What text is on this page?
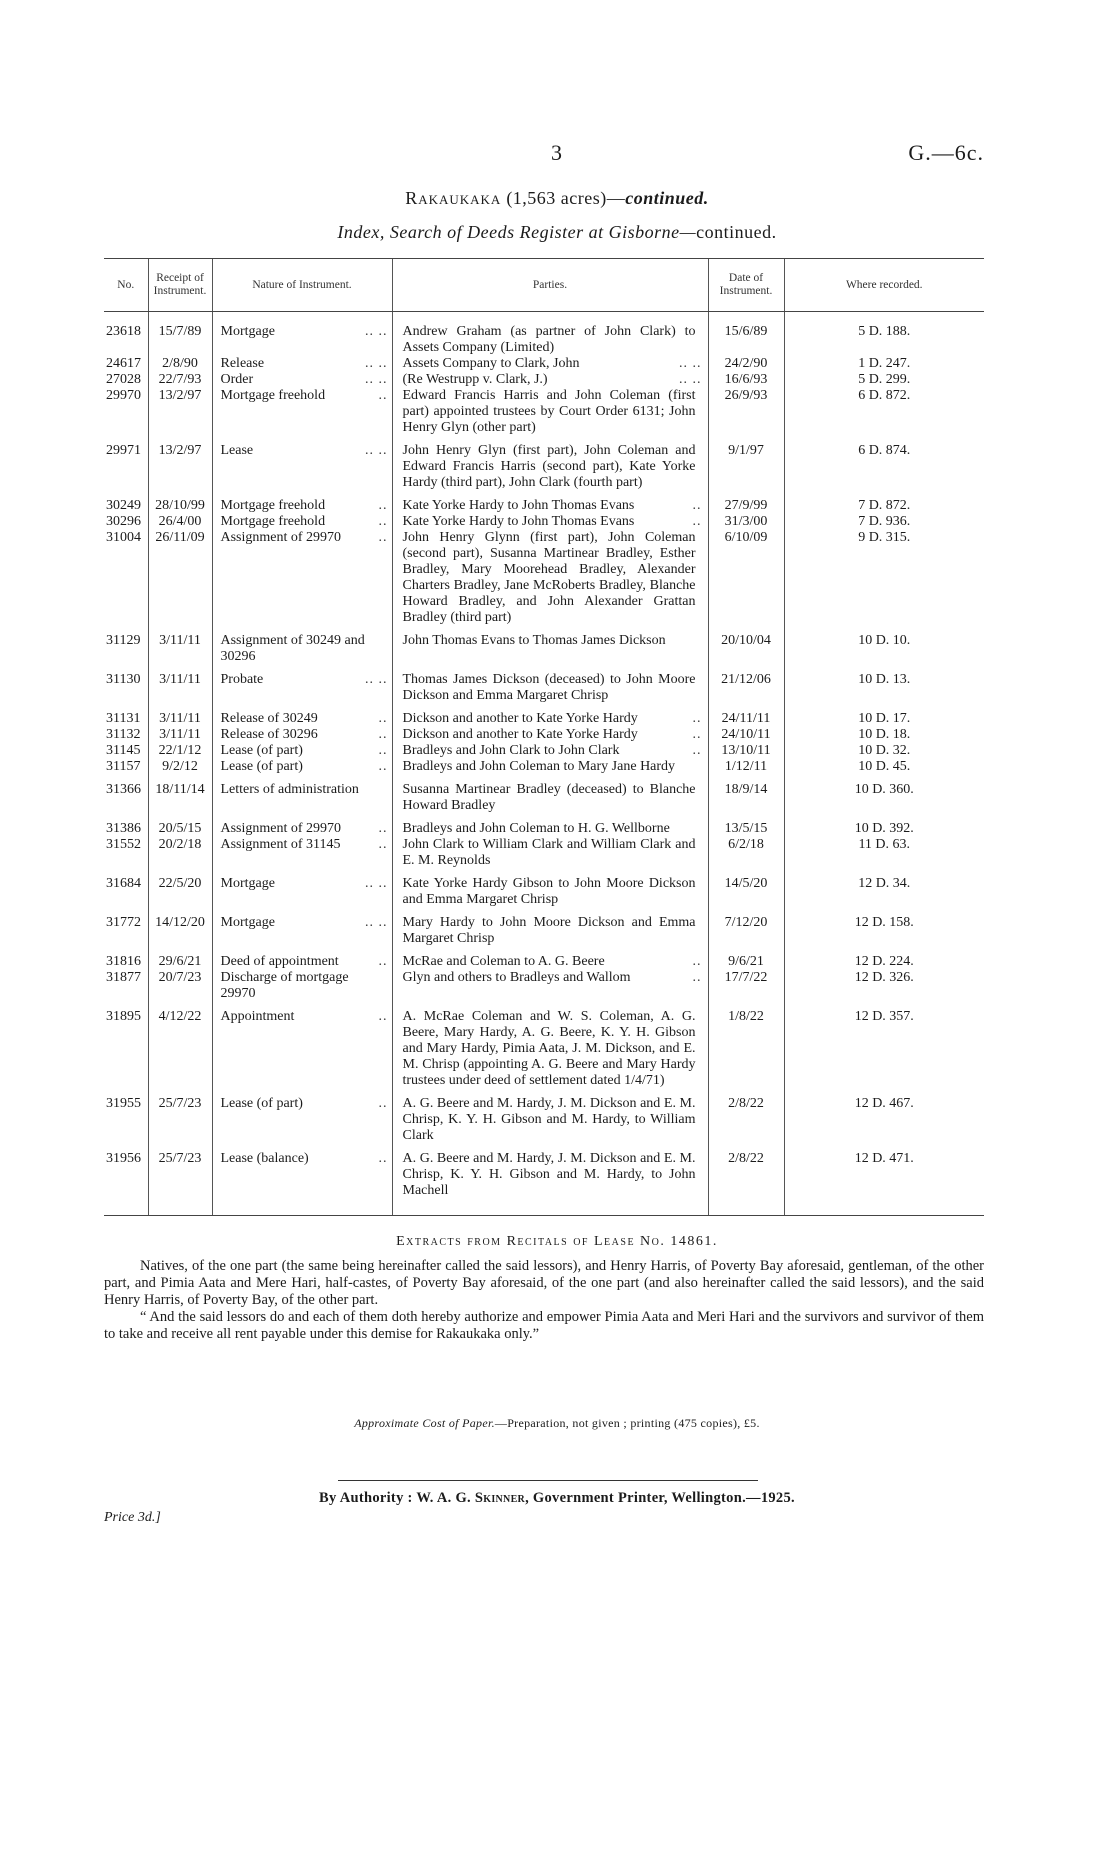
3	G.—6c.
Rakaukaka (1,563 acres)—continued.
Index, Search of Deeds Register at Gisborne—continued.
No.	Receipt of Instrument.	Nature of Instrument.	Parties.	Date of Instrument.	Where recorded.
23618	15/7/89	Mortgage .. ..	Andrew Graham (as partner of John Clark) to Assets Company (Limited)	15/6/89	5 D. 188.
24617	2/8/90	Release .. ..	Assets Company to Clark, John .. ..	24/2/90	1 D. 247.
27028	22/7/93	Order .. ..	(Re Westrupp v. Clark, J.) .. ..	16/6/93	5 D. 299.
29970	13/2/97	Mortgage freehold ..	Edward Francis Harris and John Coleman (first part) appointed trustees by Court Order 6131; John Henry Glyn (other part)	26/9/93	6 D. 872.
29971	13/2/97	Lease .. ..	John Henry Glyn (first part), John Coleman and Edward Francis Harris (second part), Kate Yorke Hardy (third part), John Clark (fourth part)	9/1/97	6 D. 874.
30249	28/10/99	Mortgage freehold ..	Kate Yorke Hardy to John Thomas Evans ..	27/9/99	7 D. 872.
30296	26/4/00	Mortgage freehold ..	Kate Yorke Hardy to John Thomas Evans ..	31/3/00	7 D. 936.
31004	26/11/09	Assignment of 29970 ..	John Henry Glynn (first part), John Coleman (second part), Susanna Martinear Bradley, Esther Bradley, Mary Moorehead Bradley, Alexander Charters Bradley, Jane McRoberts Bradley, Blanche Howard Bradley, and John Alexander Grattan Bradley (third part)	6/10/09	9 D. 315.
31129	3/11/11	Assignment of 30249 and 30296	John Thomas Evans to Thomas James Dickson	20/10/04	10 D. 10.
31130	3/11/11	Probate .. ..	Thomas James Dickson (deceased) to John Moore Dickson and Emma Margaret Chrisp	21/12/06	10 D. 13.
31131	3/11/11	Release of 30249 ..	Dickson and another to Kate Yorke Hardy ..	24/11/11	10 D. 17.
31132	3/11/11	Release of 30296 ..	Dickson and another to Kate Yorke Hardy ..	24/10/11	10 D. 18.
31145	22/1/12	Lease (of part) ..	Bradleys and John Clark to John Clark ..	13/10/11	10 D. 32.
31157	9/2/12	Lease (of part) ..	Bradleys and John Coleman to Mary Jane Hardy	1/12/11	10 D. 45.
31366	18/11/14	Letters of administration	Susanna Martinear Bradley (deceased) to Blanche Howard Bradley	18/9/14	10 D. 360.
31386	20/5/15	Assignment of 29970 ..	Bradleys and John Coleman to H. G. Wellborne	13/5/15	10 D. 392.
31552	20/2/18	Assignment of 31145 ..	John Clark to William Clark and William Clark and E. M. Reynolds	6/2/18	11 D. 63.
31684	22/5/20	Mortgage .. ..	Kate Yorke Hardy Gibson to John Moore Dickson and Emma Margaret Chrisp	14/5/20	12 D. 34.
31772	14/12/20	Mortgage .. ..	Mary Hardy to John Moore Dickson and Emma Margaret Chrisp	7/12/20	12 D. 158.
31816	29/6/21	Deed of appointment ..	McRae and Coleman to A. G. Beere ..	9/6/21	12 D. 224.
31877	20/7/23	Discharge of mortgage 29970	Glyn and others to Bradleys and Wallom ..	17/7/22	12 D. 326.
31895	4/12/22	Appointment ..	A. McRae Coleman and W. S. Coleman, A. G. Beere, Mary Hardy, A. G. Beere, K. Y. H. Gibson and Mary Hardy, Pimia Aata, J. M. Dickson, and E. M. Chrisp (appointing A. G. Beere and Mary Hardy trustees under deed of settlement dated 1/4/71)	1/8/22	12 D. 357.
31955	25/7/23	Lease (of part) ..	A. G. Beere and M. Hardy, J. M. Dickson and E. M. Chrisp, K. Y. H. Gibson and M. Hardy, to William Clark	2/8/22	12 D. 467.
31956	25/7/23	Lease (balance) ..	A. G. Beere and M. Hardy, J. M. Dickson and E. M. Chrisp, K. Y. H. Gibson and M. Hardy, to John Machell	2/8/22	12 D. 471.
Extracts from Recitals of Lease No. 14861.

Natives, of the one part (the same being hereinafter called the said lessors), and Henry Harris, of Poverty Bay aforesaid, gentleman, of the other part, and Pimia Aata and Mere Hari, half-castes, of Poverty Bay aforesaid, of the one part (and also hereinafter called the said lessors), and the said Henry Harris, of Poverty Bay, of the other part.

“ And the said lessors do and each of them doth hereby authorize and empower Pimia Aata and Meri Hari and the survivors and survivor of them to take and receive all rent payable under this demise for Rakaukaka only.”

Approximate Cost of Paper.—Preparation, not given ; printing (475 copies), £5.
By Authority : W. A. G. Skinner, Government Printer, Wellington.—1925.
Price 3d.]
